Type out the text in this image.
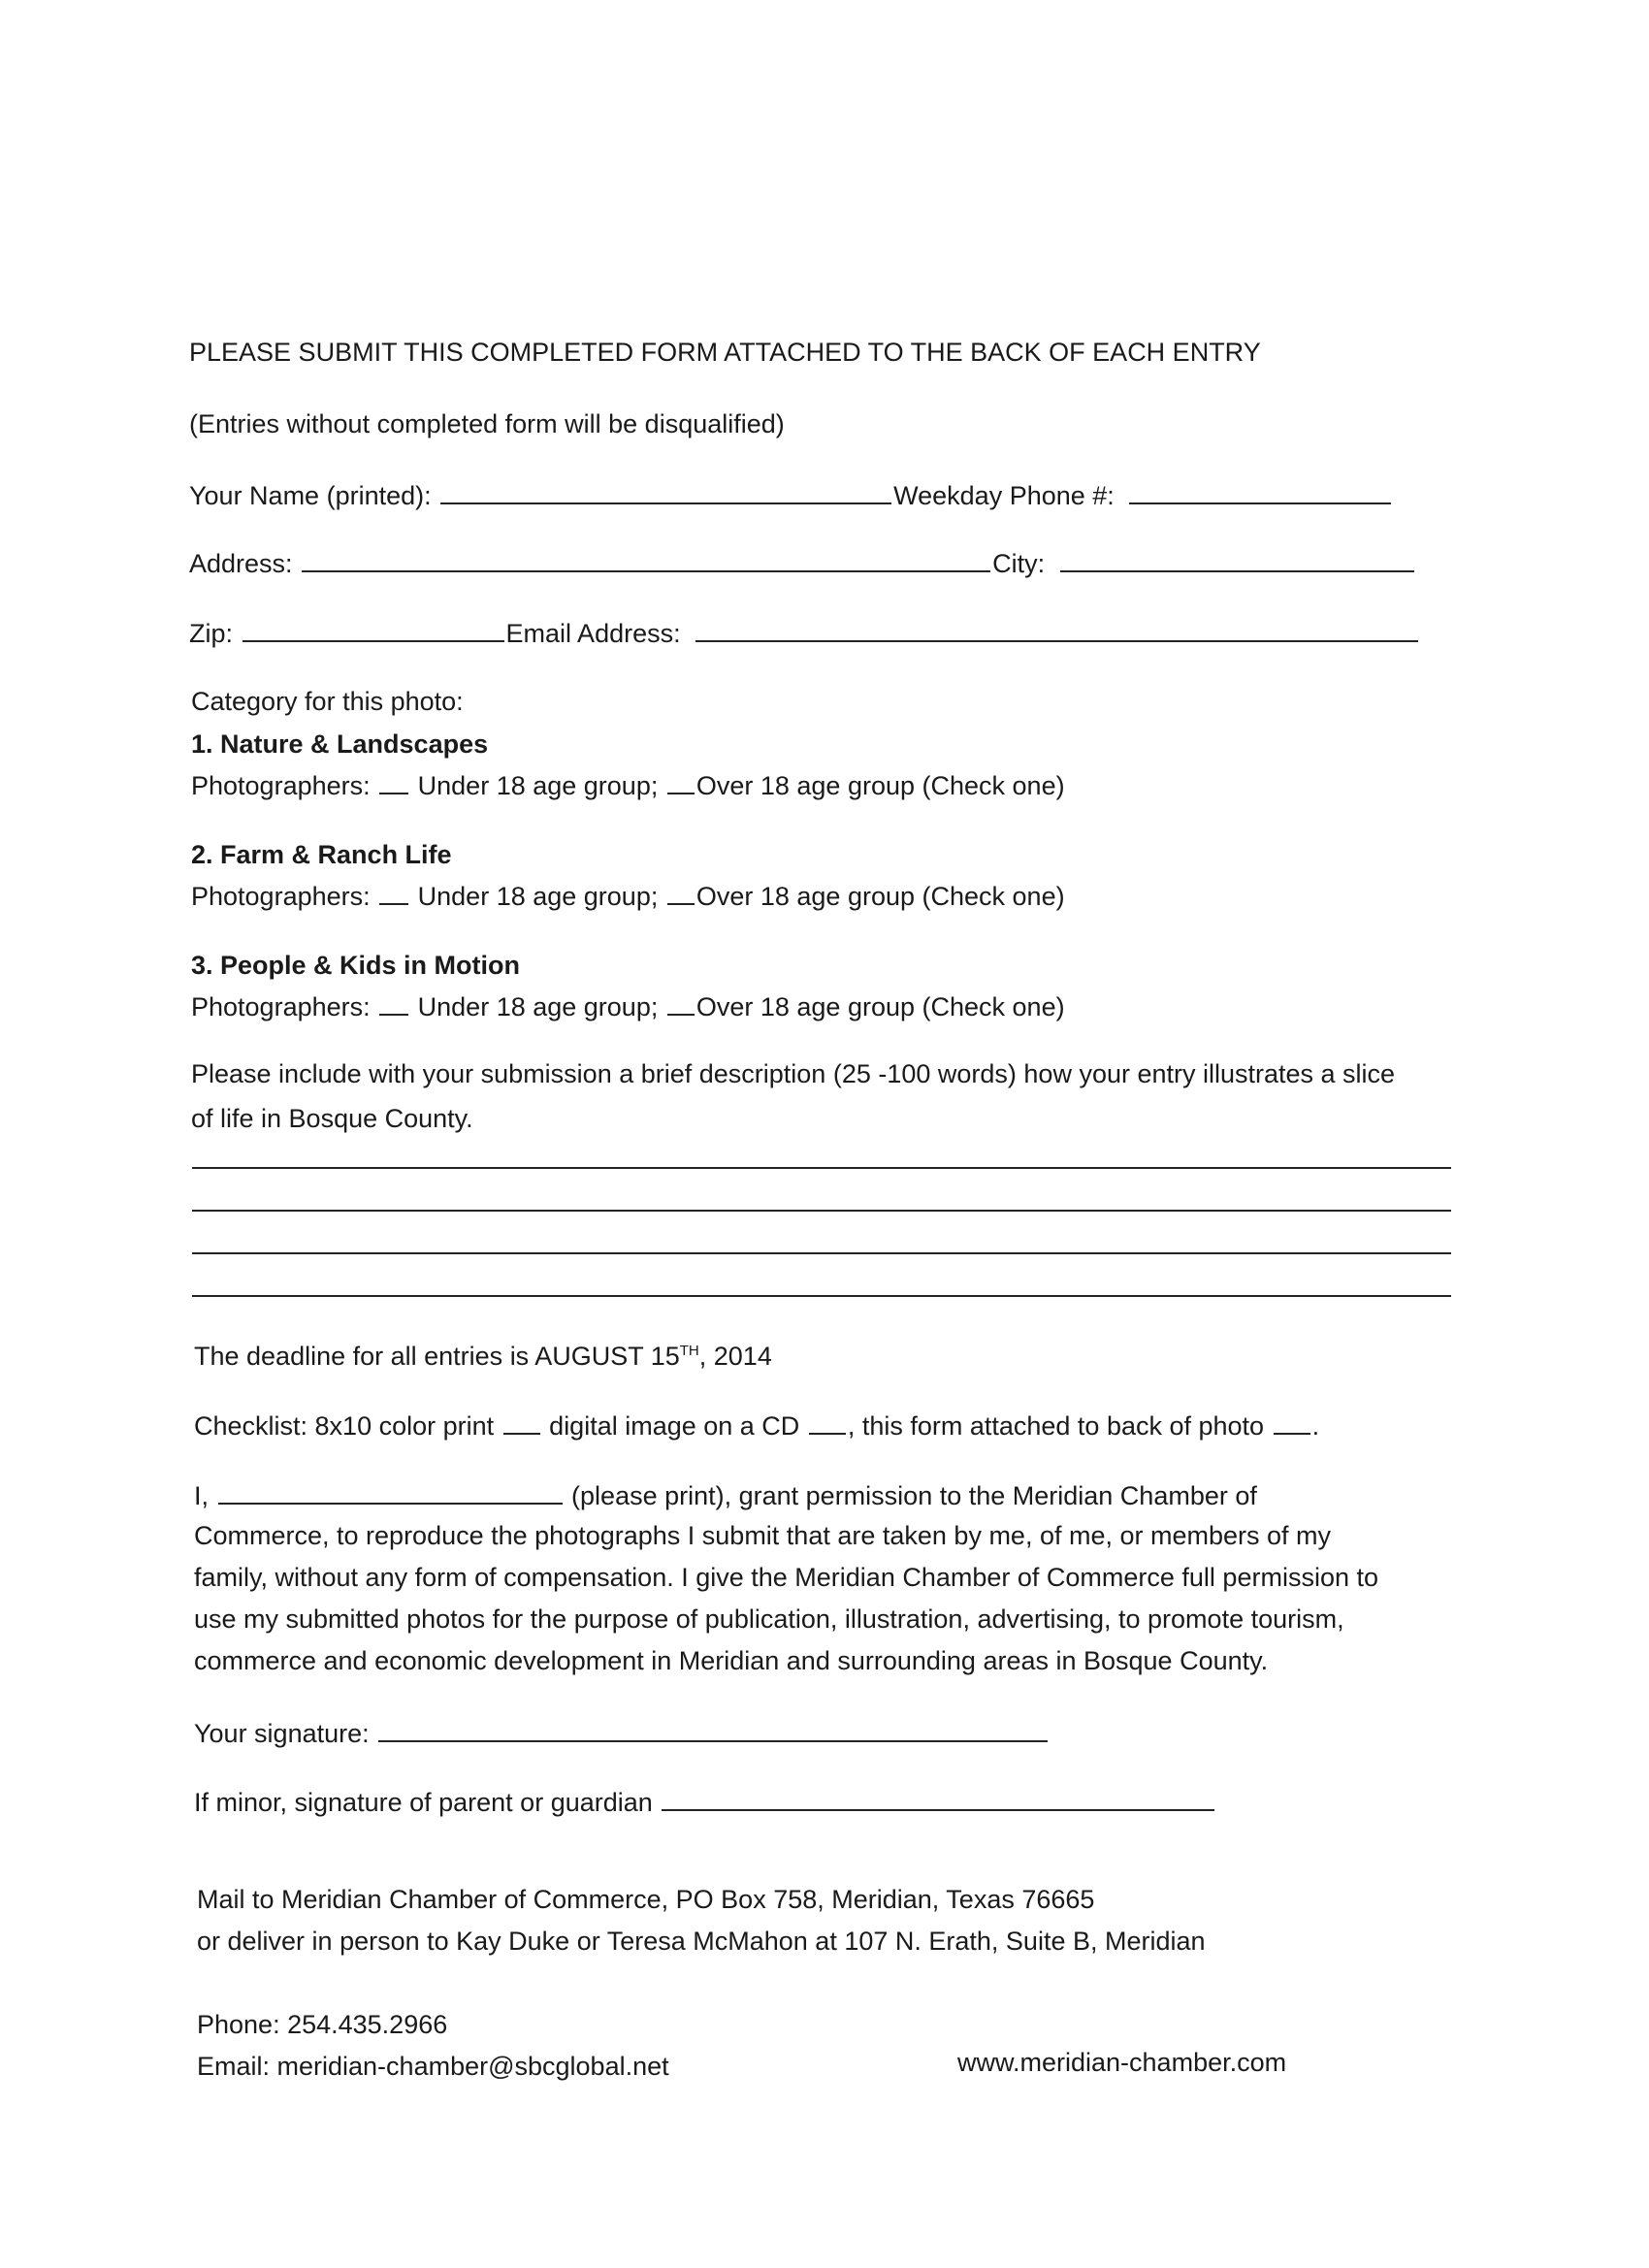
PLEASE SUBMIT THIS COMPLETED FORM ATTACHED TO THE BACK OF EACH ENTRY
(Entries without completed form will be disqualified)
Your Name (printed):	Weekday Phone #:
Address:	City:
Zip:	Email Address:
Category for this photo:
1. Nature & Landscapes
Photographers: Under 18 age group; Over 18 age group (Check one)
2. Farm & Ranch Life
Photographers: Under 18 age group; Over 18 age group (Check one)
3. People & Kids in Motion
Photographers: Under 18 age group; Over 18 age group (Check one)
Please include with your submission a brief description (25 -100 words) how your entry illustrates a slice
of life in Bosque County.
The deadline for all entries is AUGUST 15TH, 2014
Checklist: 8x10 color print digital image on a CD , this form attached to back of photo .
I,	(please print), grant permission to the Meridian Chamber of
Commerce, to reproduce the photographs I submit that are taken by me, of me, or members of my
family, without any form of compensation. I give the Meridian Chamber of Commerce full permission to
use my submitted photos for the purpose of publication, illustration, advertising, to promote tourism,
commerce and economic development in Meridian and surrounding areas in Bosque County.
Your signature:
If minor, signature of parent or guardian
Mail to Meridian Chamber of Commerce, PO Box 758, Meridian, Texas 76665
or deliver in person to Kay Duke or Teresa McMahon at 107 N. Erath, Suite B, Meridian
Phone: 254.435.2966
Email: meridian-chamber@sbcglobal.net	www.meridian-chamber.com
